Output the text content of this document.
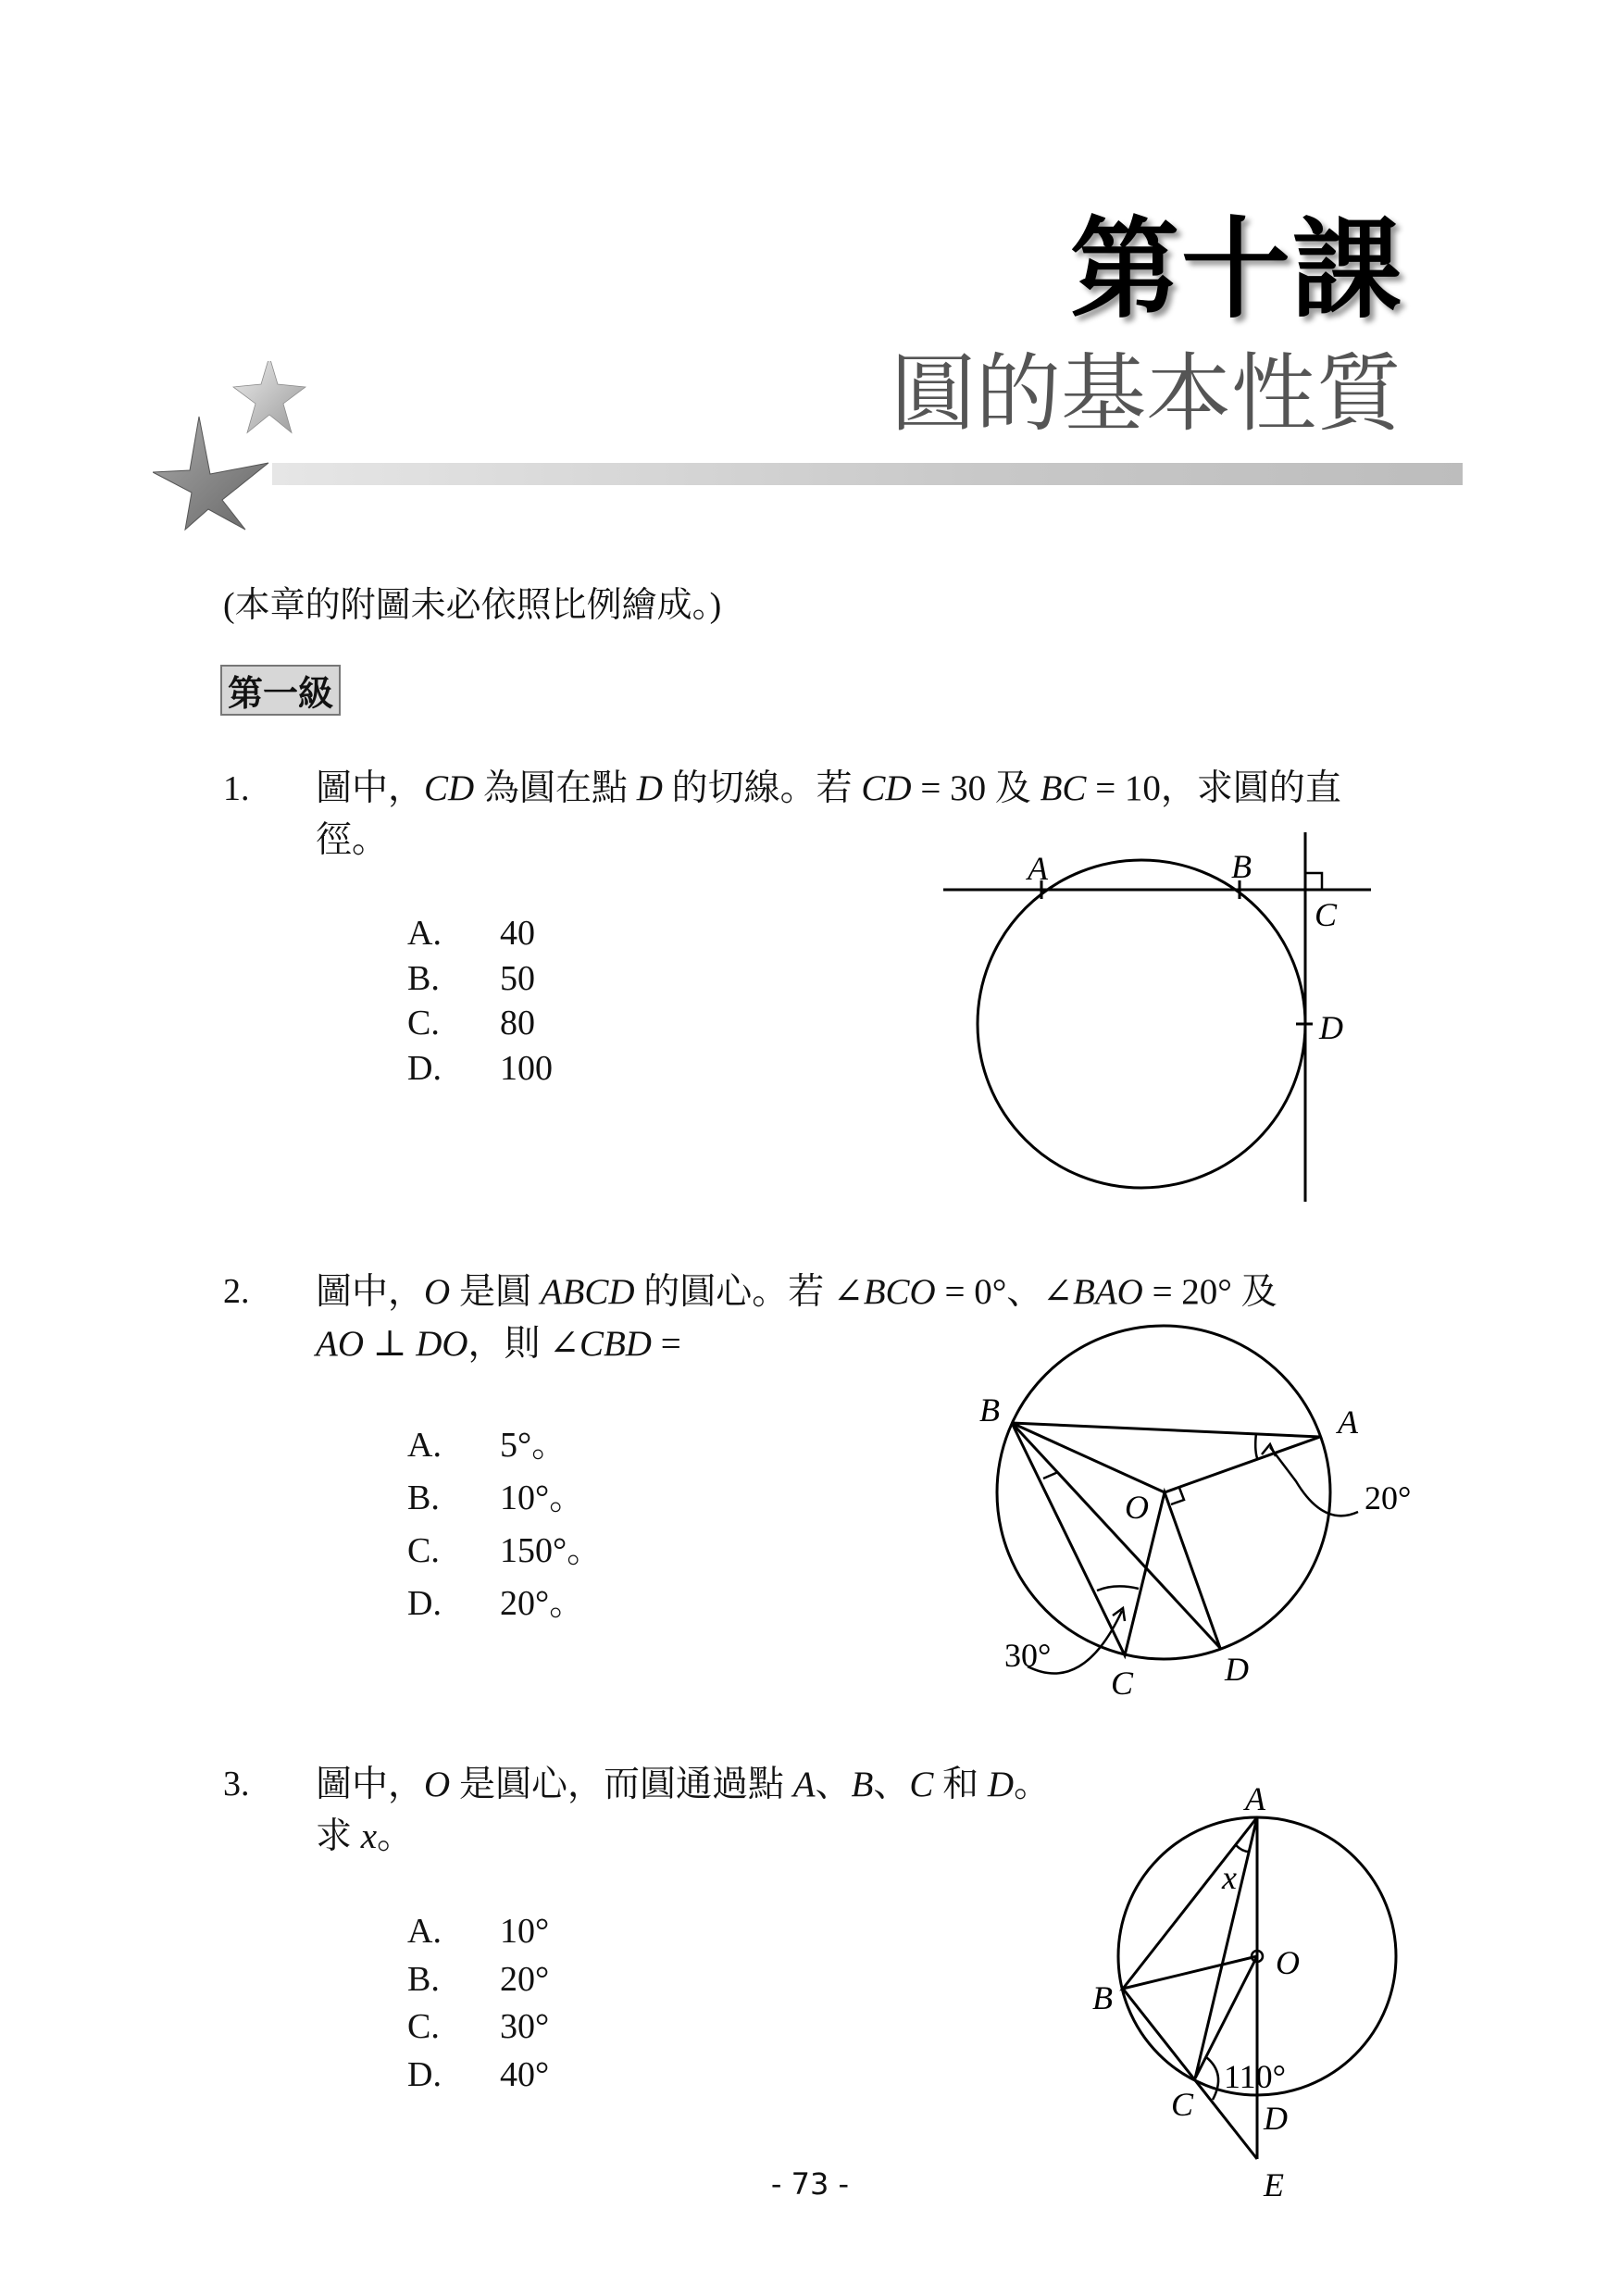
第十課
圓的基本性質
(本章的附圖未必依照比例繪成。)
第一級
1. 圖中，CD 為圓在點 D 的切線。若 CD = 30 及 BC = 10，求圓的直
徑。
A. 40
B. 50
C. 80
D. 100
A	B
C
D
2. 圖中，O 是圓 ABCD 的圓心。若 ∠BCO = 0°、∠BAO = 20° 及
AO ⊥ DO，則 ∠CBD =
A. 5°。
B. 10°。
C. 150°。
D. 20°。
B	A
O
C	D
20°
30°
3. 圖中，O 是圓心，而圓通過點 A、B、C 和 D。
求 x。
A. 10°
B. 20°
C. 30°
D. 40°
A
O
B
C D
E
x
110°
- 73 -
